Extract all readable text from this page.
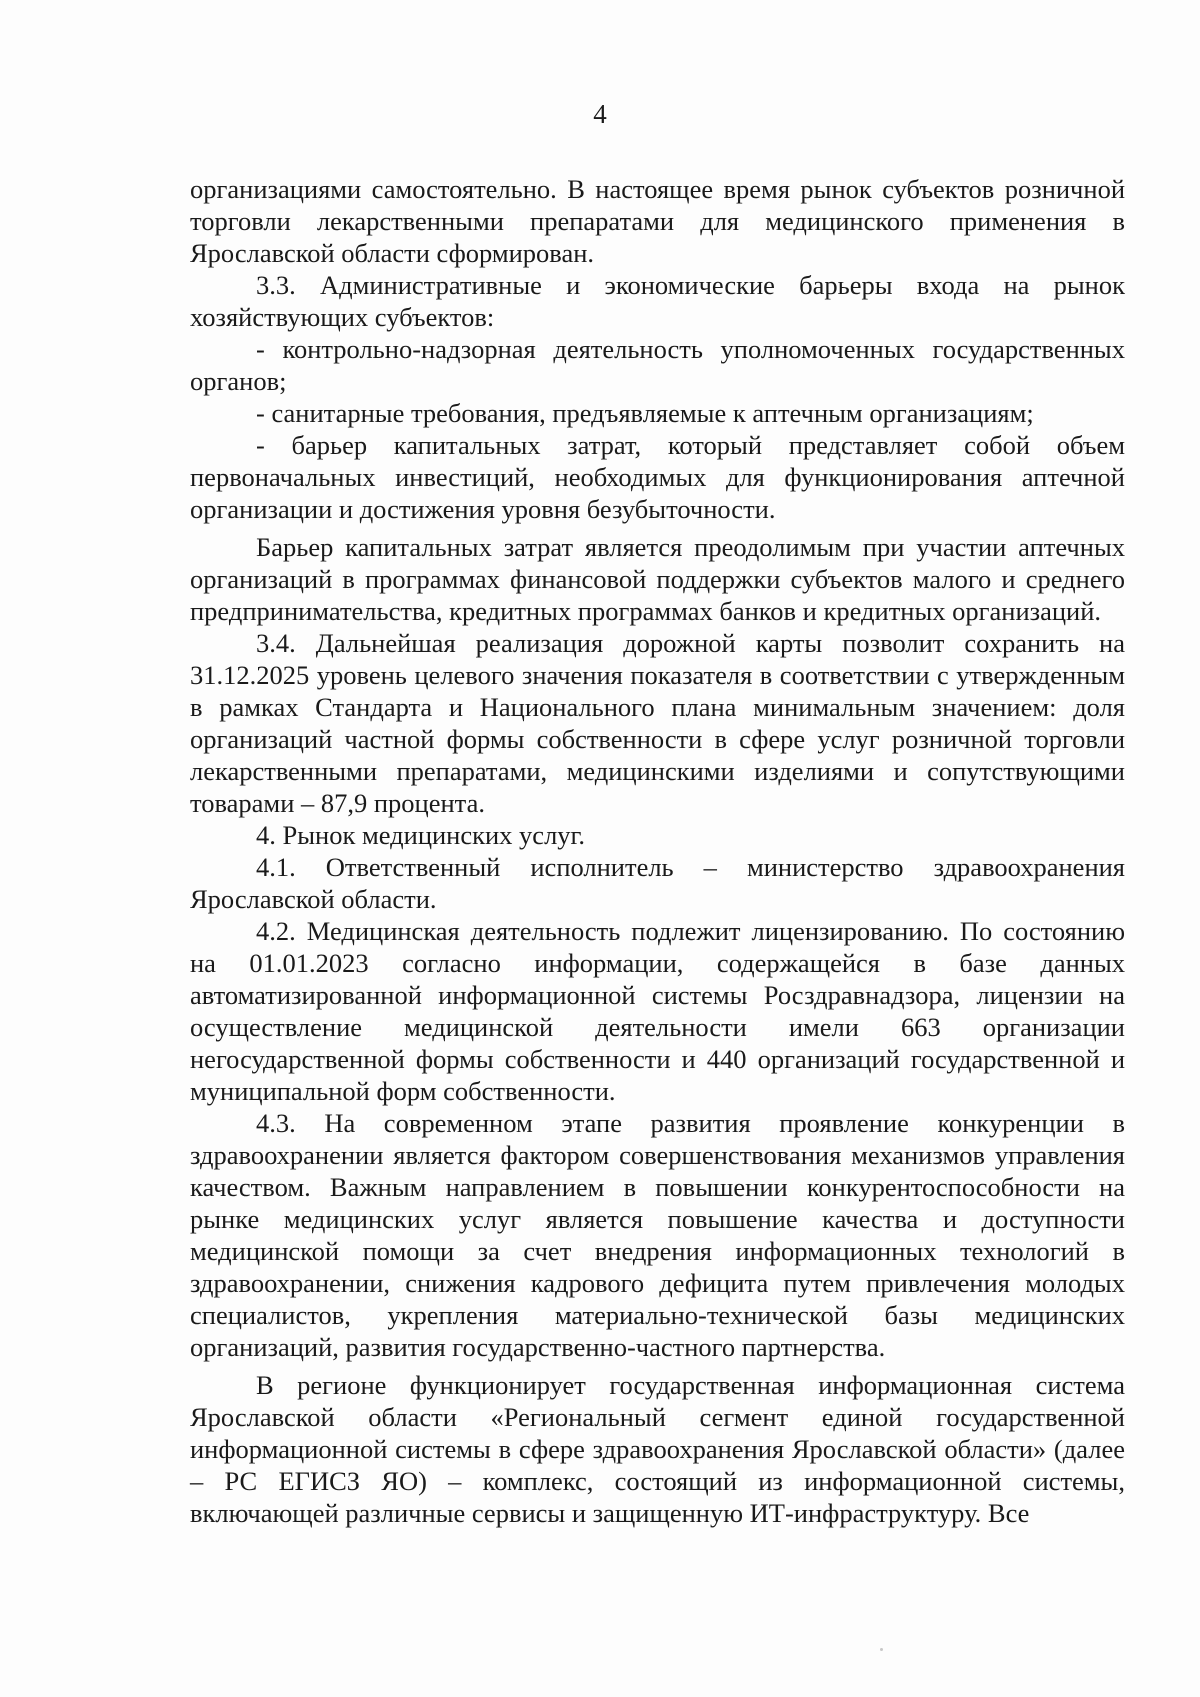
4

организациями самостоятельно. В настоящее время рынок субъектов розничной торговли лекарственными препаратами для медицинского применения в Ярославской области сформирован.

3.3. Административные и экономические барьеры входа на рынок хозяйствующих субъектов:

- контрольно-надзорная деятельность уполномоченных государственных органов;

- санитарные требования, предъявляемые к аптечным организациям;

- барьер капитальных затрат, который представляет собой объем первоначальных инвестиций, необходимых для функционирования аптечной организации и достижения уровня безубыточности.

Барьер капитальных затрат является преодолимым при участии аптечных организаций в программах финансовой поддержки субъектов малого и среднего предпринимательства, кредитных программах банков и кредитных организаций.

3.4. Дальнейшая реализация дорожной карты позволит сохранить на 31.12.2025 уровень целевого значения показателя в соответствии с утвержденным в рамках Стандарта и Национального плана минимальным значением: доля организаций частной формы собственности в сфере услуг розничной торговли лекарственными препаратами, медицинскими изделиями и сопутствующими товарами – 87,9 процента.

4. Рынок медицинских услуг.

4.1. Ответственный исполнитель – министерство здравоохранения Ярославской области.

4.2. Медицинская деятельность подлежит лицензированию. По состоянию на 01.01.2023 согласно информации, содержащейся в базе данных автоматизированной информационной системы Росздравнадзора, лицензии на осуществление медицинской деятельности имели 663 организации негосударственной формы собственности и 440 организаций государственной и муниципальной форм собственности.

4.3. На современном этапе развития проявление конкуренции в здравоохранении является фактором совершенствования механизмов управления качеством. Важным направлением в повышении конкурентоспособности на рынке медицинских услуг является повышение качества и доступности медицинской помощи за счет внедрения информационных технологий в здравоохранении, снижения кадрового дефицита путем привлечения молодых специалистов, укрепления материально-технической базы медицинских организаций, развития государственно-частного партнерства.

В регионе функционирует государственная информационная система Ярославской области «Региональный сегмент единой государственной информационной системы в сфере здравоохранения Ярославской области» (далее – РС ЕГИСЗ ЯО) – комплекс, состоящий из информационной системы, включающей различные сервисы и защищенную ИТ-инфраструктуру. Все
